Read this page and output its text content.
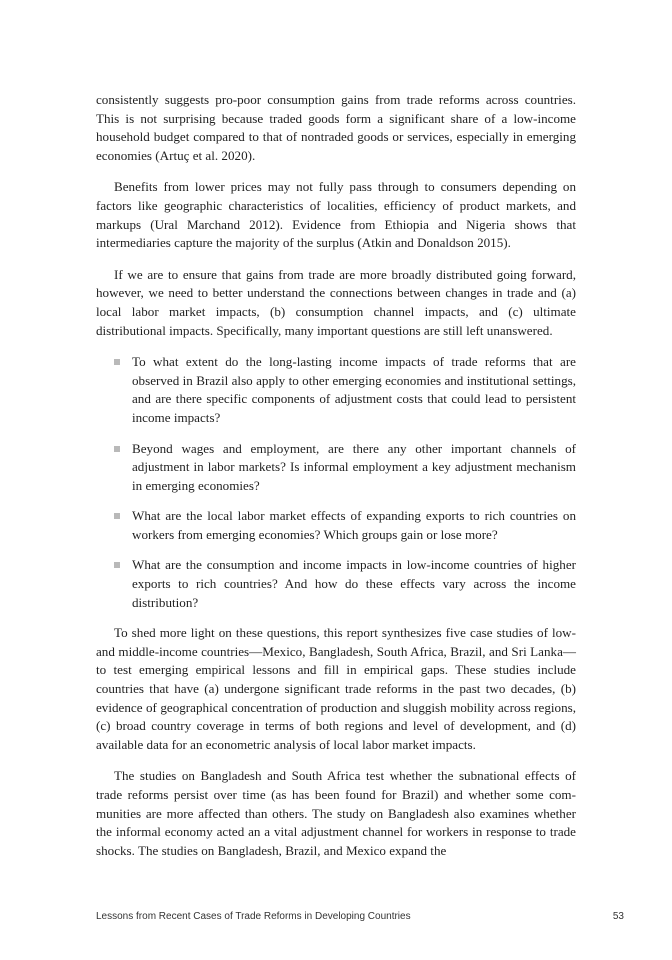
consistently suggests pro-poor consumption gains from trade reforms across countries. This is not surprising because traded goods form a significant share of a low-income household budget compared to that of nontraded goods or services, especially in emerging economies (Artuç et al. 2020).

Benefits from lower prices may not fully pass through to consumers depending on factors like geographic characteristics of localities, efficiency of product markets, and markups (Ural Marchand 2012). Evidence from Ethiopia and Nigeria shows that intermediaries capture the majority of the surplus (Atkin and Donaldson 2015).

If we are to ensure that gains from trade are more broadly distributed going forward, however, we need to better understand the connections between changes in trade and (a) local labor market impacts, (b) consumption channel impacts, and (c) ultimate distributional impacts. Specifically, many important questions are still left unanswered.

To what extent do the long-lasting income impacts of trade reforms that are observed in Brazil also apply to other emerging economies and institutional settings, and are there specific components of adjustment costs that could lead to persistent income impacts?
Beyond wages and employment, are there any other important channels of adjustment in labor markets? Is informal employment a key adjustment mechanism in emerging economies?
What are the local labor market effects of expanding exports to rich countries on workers from emerging economies? Which groups gain or lose more?
What are the consumption and income impacts in low-income countries of higher exports to rich countries? And how do these effects vary across the income distribution?

To shed more light on these questions, this report synthesizes five case studies of low- and middle-income countries—Mexico, Bangladesh, South Africa, Brazil, and Sri Lanka—to test emerging empirical lessons and fill in empirical gaps. These studies include countries that have (a) undergone significant trade reforms in the past two decades, (b) evidence of geographical concentration of production and sluggish mobility across regions, (c) broad country coverage in terms of both regions and level of development, and (d) available data for an econometric analysis of local labor market impacts.

The studies on Bangladesh and South Africa test whether the subnational effects of trade reforms persist over time (as has been found for Brazil) and whether some communities are more affected than others. The study on Bangladesh also examines whether the informal economy acted an a vital adjustment channel for workers in response to trade shocks. The studies on Bangladesh, Brazil, and Mexico expand the

Lessons from Recent Cases of Trade Reforms in Developing Countries	53
